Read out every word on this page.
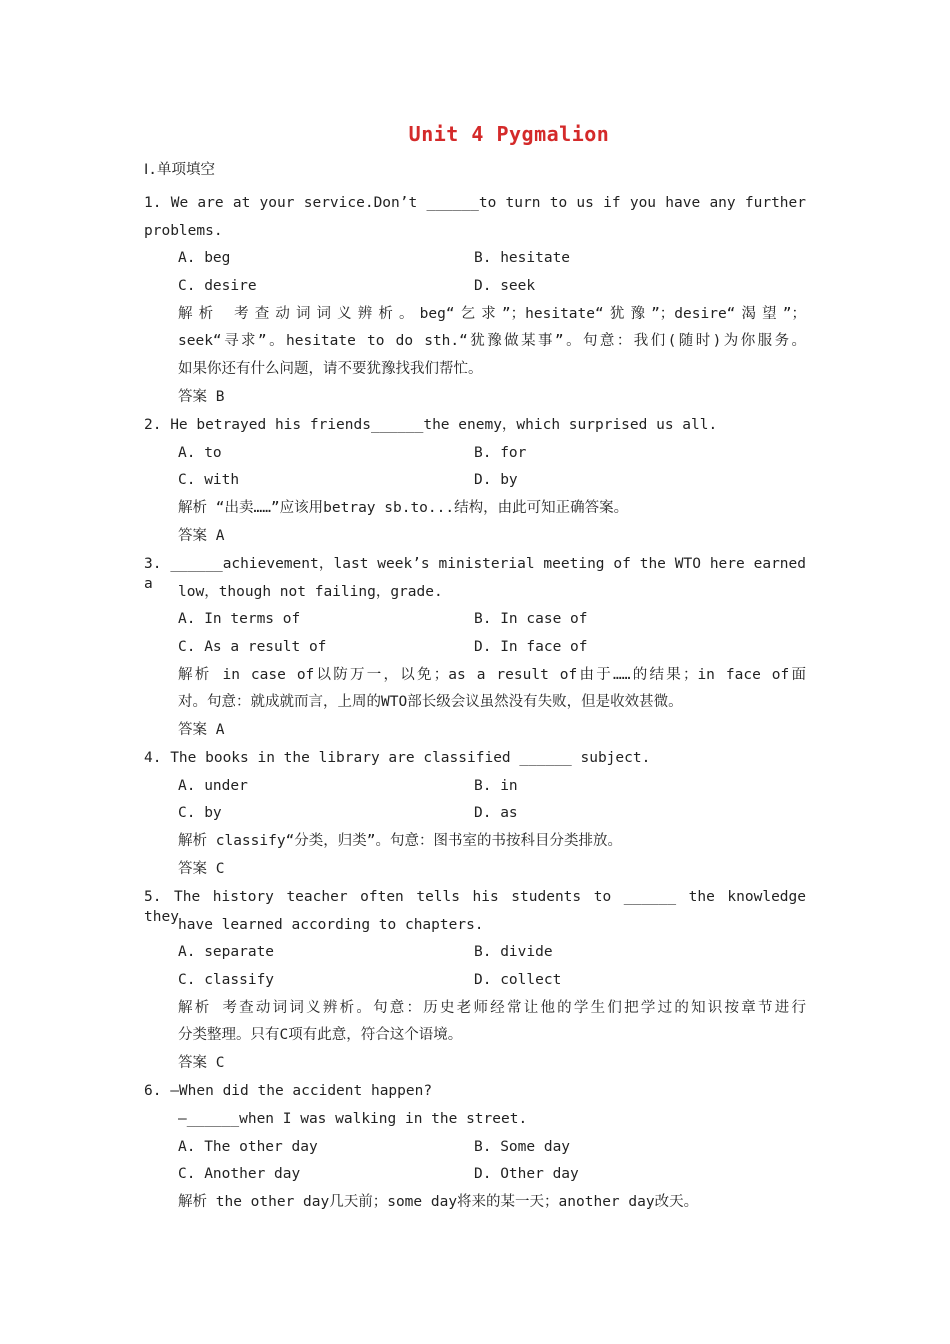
Unit 4 Pygmalion
Ⅰ.单项填空
1. We are at your service.Don’t ______to turn to us if you have any further
problems.
A. beg	B. hesitate
C. desire	D. seek
解析 考查动词词义辨析。beg“乞求”；hesitate“犹豫”；desire“渴望”；
seek“寻求”。hesitate to do sth.“犹豫做某事”。句意：我们(随时)为你服务。
如果你还有什么问题，请不要犹豫找我们帮忙。
答案 B
2. He betrayed his friends______the enemy，which surprised us all.
A. to	B. for
C. with	D. by
解析 “出卖……”应该用betray sb.to...结构，由此可知正确答案。
答案 A
3. ______achievement，last week’s ministerial meeting of the WTO here earned a	low，though not failing，grade.
A. In terms of	B. In case of
C. As a result of	D. In face of
解析 in case of以防万一，以免；as a result of由于……的结果；in face of面
对。句意：就成就而言，上周的WTO部长级会议虽然没有失败，但是收效甚微。
答案 A
4. The books in the library are classified ______ subject.
A. under	B. in
C. by	D. as
解析 classify“分类，归类”。句意：图书室的书按科目分类排放。
答案 C
5. The history teacher often tells his students to ______ the knowledge they have learned according to chapters.
A. separate	B. divide
C. classify	D. collect
解析 考查动词词义辨析。句意：历史老师经常让他的学生们把学过的知识按章节进行
分类整理。只有C项有此意，符合这个语境。
答案 C
6. —When did the accident happen?
—______when I was walking in the street.
A. The other day	B. Some day
C. Another day	D. Other day
解析 the other day几天前；some day将来的某一天；another day改天。
